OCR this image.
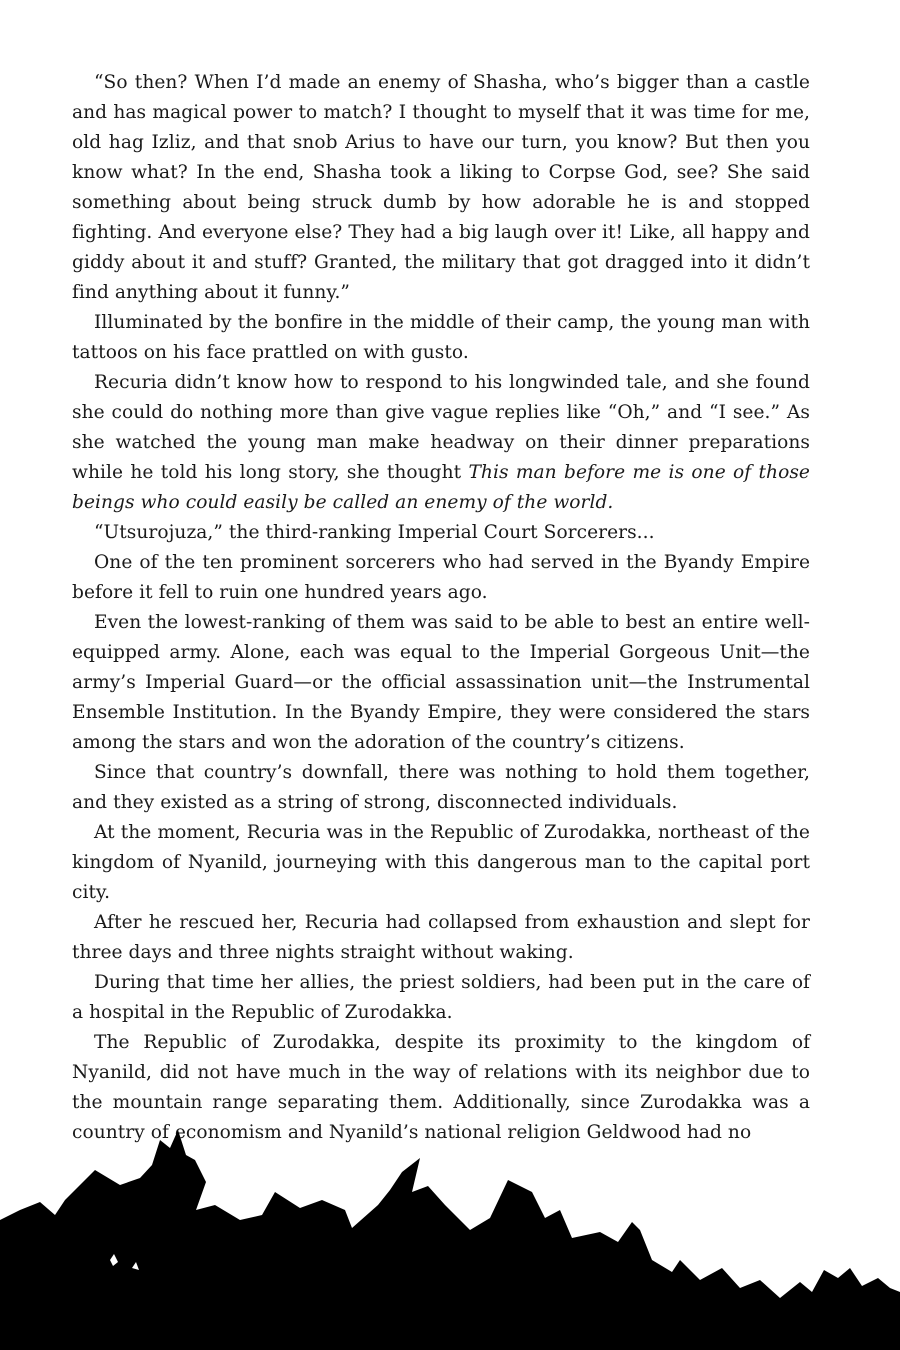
“So then? When I’d made an enemy of Shasha, who’s bigger than a castle and has magical power to match? I thought to myself that it was time for me, old hag Izliz, and that snob Arius to have our turn, you know? But then you know what? In the end, Shasha took a liking to Corpse God, see? She said something about being struck dumb by how adorable he is and stopped fighting. And everyone else? They had a big laugh over it! Like, all happy and giddy about it and stuff? Granted, the military that got dragged into it didn’t find anything about it funny.”

Illuminated by the bonfire in the middle of their camp, the young man with tattoos on his face prattled on with gusto.

Recuria didn’t know how to respond to his longwinded tale, and she found she could do nothing more than give vague replies like “Oh,” and “I see.” As she watched the young man make headway on their dinner preparations while he told his long story, she thought This man before me is one of those beings who could easily be called an enemy of the world.

“Utsurojuza,” the third-ranking Imperial Court Sorcerers...

One of the ten prominent sorcerers who had served in the Byandy Empire before it fell to ruin one hundred years ago.

Even the lowest-ranking of them was said to be able to best an entire well-equipped army. Alone, each was equal to the Imperial Gorgeous Unit—the army’s Imperial Guard—or the official assassination unit—the Instrumental Ensemble Institution. In the Byandy Empire, they were considered the stars among the stars and won the adoration of the country’s citizens.

Since that country’s downfall, there was nothing to hold them together, and they existed as a string of strong, disconnected individuals.

At the moment, Recuria was in the Republic of Zurodakka, northeast of the kingdom of Nyanild, journeying with this dangerous man to the capital port city.

After he rescued her, Recuria had collapsed from exhaustion and slept for three days and three nights straight without waking.

During that time her allies, the priest soldiers, had been put in the care of a hospital in the Republic of Zurodakka.

The Republic of Zurodakka, despite its proximity to the kingdom of Nyanild, did not have much in the way of relations with its neighbor due to the mountain range separating them. Additionally, since Zurodakka was a country of economism and Nyanild’s national religion Geldwood had no
